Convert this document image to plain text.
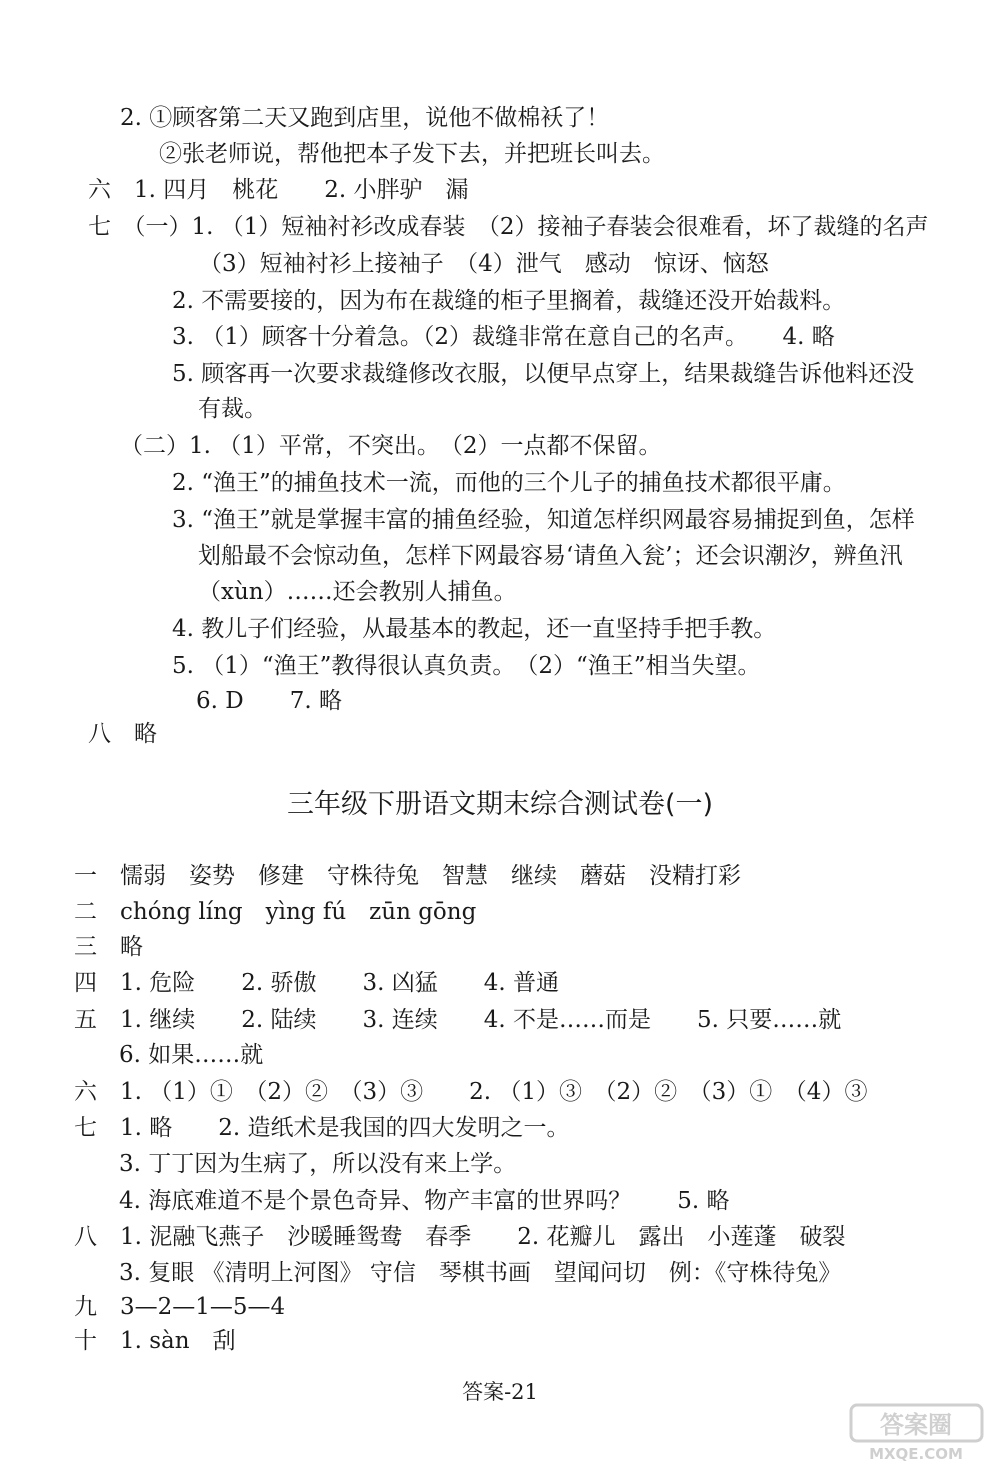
2. ①顾客第二天又跑到店里，说他不做棉袄了！
②张老师说，帮他把本子发下去，并把班长叫去。
六　1. 四月　桃花　　2. 小胖驴　漏
七　（一）1. （1）短袖衬衫改成春装　（2）接袖子春装会很难看，坏了裁缝的名声
（3）短袖衬衫上接袖子　（4）泄气　感动　惊讶、恼怒
2. 不需要接的，因为布在裁缝的柜子里搁着，裁缝还没开始裁料。
3. （1）顾客十分着急。（2）裁缝非常在意自己的名声。　　4. 略
5. 顾客再一次要求裁缝修改衣服，以便早点穿上，结果裁缝告诉他料还没
有裁。
（二）1. （1）平常，不突出。　（2）一点都不保留。
2. “渔王”的捕鱼技术一流，而他的三个儿子的捕鱼技术都很平庸。
3. “渔王”就是掌握丰富的捕鱼经验，知道怎样织网最容易捕捉到鱼，怎样
划船最不会惊动鱼，怎样下网最容易‘请鱼入瓮’；还会识潮汐，辨鱼汛
（xùn）……还会教别人捕鱼。
4. 教儿子们经验，从最基本的教起，还一直坚持手把手教。
5. （1）“渔王”教得很认真负责。　（2）“渔王”相当失望。
6. D　　7. 略
八　略
三年级下册语文期末综合测试卷(一)
一　懦弱　姿势　修建　守株待兔　智慧　继续　蘑菇　没精打彩
二　chóng líng　yìng fú　zūn gōng
三　略
四　1. 危险　　2. 骄傲　　3. 凶猛　　4. 普通
五　1. 继续　　2. 陆续　　3. 连续　　4. 不是……而是　　5. 只要……就
6. 如果……就
六　1. （1）①　（2）②　（3）③　　2. （1）③　（2）②　（3）①　（4）③
七　1. 略　　2. 造纸术是我国的四大发明之一。
3. 丁丁因为生病了，所以没有来上学。
4. 海底难道不是个景色奇异、物产丰富的世界吗？　　5. 略
八　1. 泥融飞燕子　沙暖睡鸳鸯　春季　　2. 花瓣儿　露出　小莲蓬　破裂
3. 复眼 《清明上河图》 守信　琴棋书画　望闻问切　例：《守株待兔》
九　3—2—1—5—4
十　1. sàn　刮
答案-21
答案圈
MXQE.COM
